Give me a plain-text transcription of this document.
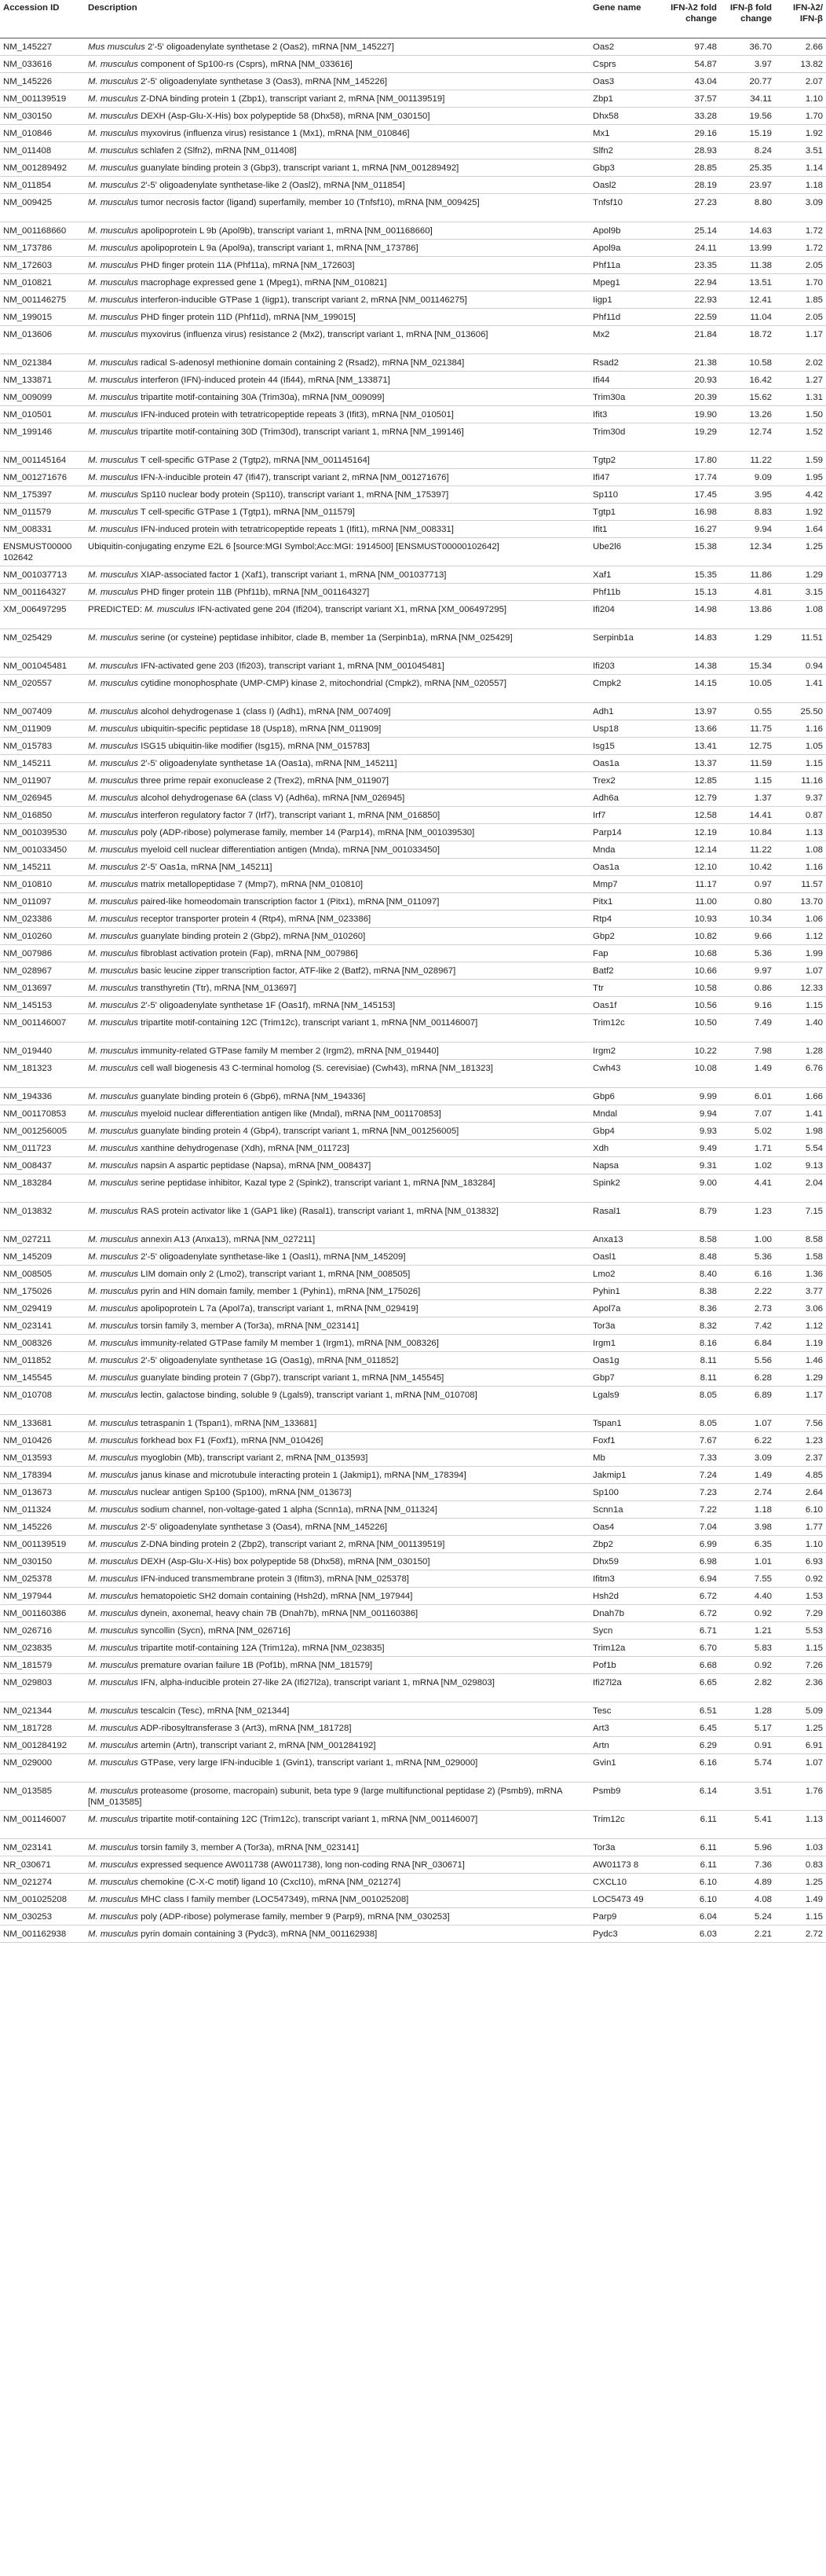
Accession ID	Description	Gene name	IFN-λ2 fold change	IFN-β fold change	IFN-λ2/ IFN-β
NM_145227	Mus musculus 2'-5' oligoadenylate synthetase 2 (Oas2), mRNA [NM_145227]	Oas2	97.48	36.70	2.66
NM_033616	M. musculus component of Sp100-rs (Csprs), mRNA [NM_033616]	Csprs	54.87	3.97	13.82
NM_145226	M. musculus 2'-5' oligoadenylate synthetase 3 (Oas3), mRNA [NM_145226]	Oas3	43.04	20.77	2.07
NM_001139519	M. musculus Z-DNA binding protein 1 (Zbp1), transcript variant 2, mRNA [NM_001139519]	Zbp1	37.57	34.11	1.10
NM_030150	M. musculus DEXH (Asp-Glu-X-His) box polypeptide 58 (Dhx58), mRNA [NM_030150]	Dhx58	33.28	19.56	1.70
NM_010846	M. musculus myxovirus (influenza virus) resistance 1 (Mx1), mRNA [NM_010846]	Mx1	29.16	15.19	1.92
NM_011408	M. musculus schlafen 2 (Slfn2), mRNA [NM_011408]	Slfn2	28.93	8.24	3.51
NM_001289492	M. musculus guanylate binding protein 3 (Gbp3), transcript variant 1, mRNA [NM_001289492]	Gbp3	28.85	25.35	1.14
NM_011854	M. musculus 2'-5' oligoadenylate synthetase-like 2 (Oasl2), mRNA [NM_011854]	Oasl2	28.19	23.97	1.18
NM_009425	M. musculus tumor necrosis factor (ligand) superfamily, member 10 (Tnfsf10), mRNA [NM_009425]	Tnfsf10	27.23	8.80	3.09
NM_001168660	M. musculus apolipoprotein L 9b (Apol9b), transcript variant 1, mRNA [NM_001168660]	Apol9b	25.14	14.63	1.72
NM_173786	M. musculus apolipoprotein L 9a (Apol9a), transcript variant 1, mRNA [NM_173786]	Apol9a	24.11	13.99	1.72
NM_172603	M. musculus PHD finger protein 11A (Phf11a), mRNA [NM_172603]	Phf11a	23.35	11.38	2.05
NM_010821	M. musculus macrophage expressed gene 1 (Mpeg1), mRNA [NM_010821]	Mpeg1	22.94	13.51	1.70
NM_001146275	M. musculus interferon-inducible GTPase 1 (Iigp1), transcript variant 2, mRNA [NM_001146275]	Iigp1	22.93	12.41	1.85
NM_199015	M. musculus PHD finger protein 11D (Phf11d), mRNA [NM_199015]	Phf11d	22.59	11.04	2.05
NM_013606	M. musculus myxovirus (influenza virus) resistance 2 (Mx2), transcript variant 1, mRNA [NM_013606]	Mx2	21.84	18.72	1.17
NM_021384	M. musculus radical S-adenosyl methionine domain containing 2 (Rsad2), mRNA [NM_021384]	Rsad2	21.38	10.58	2.02
NM_133871	M. musculus interferon (IFN)-induced protein 44 (Ifi44), mRNA [NM_133871]	Ifi44	20.93	16.42	1.27
NM_009099	M. musculus tripartite motif-containing 30A (Trim30a), mRNA [NM_009099]	Trim30a	20.39	15.62	1.31
NM_010501	M. musculus IFN-induced protein with tetratricopeptide repeats 3 (Ifit3), mRNA [NM_010501]	Ifit3	19.90	13.26	1.50
NM_199146	M. musculus tripartite motif-containing 30D (Trim30d), transcript variant 1, mRNA [NM_199146]	Trim30d	19.29	12.74	1.52
NM_001145164	M. musculus T cell-specific GTPase 2 (Tgtp2), mRNA [NM_001145164]	Tgtp2	17.80	11.22	1.59
NM_001271676	M. musculus IFN-λ-inducible protein 47 (Ifi47), transcript variant 2, mRNA [NM_001271676]	Ifi47	17.74	9.09	1.95
NM_175397	M. musculus Sp110 nuclear body protein (Sp110), transcript variant 1, mRNA [NM_175397]	Sp110	17.45	3.95	4.42
NM_011579	M. musculus T cell-specific GTPase 1 (Tgtp1), mRNA [NM_011579]	Tgtp1	16.98	8.83	1.92
NM_008331	M. musculus IFN-induced protein with tetratricopeptide repeats 1 (Ifit1), mRNA [NM_008331]	Ifit1	16.27	9.94	1.64
ENSMUST00000 102642	Ubiquitin-conjugating enzyme E2L 6 [source:MGI Symbol;Acc:MGI: 1914500] [ENSMUST00000102642]	Ube2l6	15.38	12.34	1.25
NM_001037713	M. musculus XIAP-associated factor 1 (Xaf1), transcript variant 1, mRNA [NM_001037713]	Xaf1	15.35	11.86	1.29
NM_001164327	M. musculus PHD finger protein 11B (Phf11b), mRNA [NM_001164327]	Phf11b	15.13	4.81	3.15
XM_006497295	PREDICTED: M. musculus IFN-activated gene 204 (Ifi204), transcript variant X1, mRNA [XM_006497295]	Ifi204	14.98	13.86	1.08
NM_025429	M. musculus serine (or cysteine) peptidase inhibitor, clade B, member 1a (Serpinb1a), mRNA [NM_025429]	Serpinb1a	14.83	1.29	11.51
NM_001045481	M. musculus IFN-activated gene 203 (Ifi203), transcript variant 1, mRNA [NM_001045481]	Ifi203	14.38	15.34	0.94
NM_020557	M. musculus cytidine monophosphate (UMP-CMP) kinase 2, mitochondrial (Cmpk2), mRNA [NM_020557]	Cmpk2	14.15	10.05	1.41
NM_007409	M. musculus alcohol dehydrogenase 1 (class I) (Adh1), mRNA [NM_007409]	Adh1	13.97	0.55	25.50
NM_011909	M. musculus ubiquitin-specific peptidase 18 (Usp18), mRNA [NM_011909]	Usp18	13.66	11.75	1.16
NM_015783	M. musculus ISG15 ubiquitin-like modifier (Isg15), mRNA [NM_015783]	Isg15	13.41	12.75	1.05
NM_145211	M. musculus 2'-5' oligoadenylate synthetase 1A (Oas1a), mRNA [NM_145211]	Oas1a	13.37	11.59	1.15
NM_011907	M. musculus three prime repair exonuclease 2 (Trex2), mRNA [NM_011907]	Trex2	12.85	1.15	11.16
NM_026945	M. musculus alcohol dehydrogenase 6A (class V) (Adh6a), mRNA [NM_026945]	Adh6a	12.79	1.37	9.37
NM_016850	M. musculus interferon regulatory factor 7 (Irf7), transcript variant 1, mRNA [NM_016850]	Irf7	12.58	14.41	0.87
NM_001039530	M. musculus poly (ADP-ribose) polymerase family, member 14 (Parp14), mRNA [NM_001039530]	Parp14	12.19	10.84	1.13
NM_001033450	M. musculus myeloid cell nuclear differentiation antigen (Mnda), mRNA [NM_001033450]	Mnda	12.14	11.22	1.08
NM_145211	M. musculus 2'-5' Oas1a, mRNA [NM_145211]	Oas1a	12.10	10.42	1.16
NM_010810	M. musculus matrix metallopeptidase 7 (Mmp7), mRNA [NM_010810]	Mmp7	11.17	0.97	11.57
NM_011097	M. musculus paired-like homeodomain transcription factor 1 (Pitx1), mRNA [NM_011097]	Pitx1	11.00	0.80	13.70
NM_023386	M. musculus receptor transporter protein 4 (Rtp4), mRNA [NM_023386]	Rtp4	10.93	10.34	1.06
NM_010260	M. musculus guanylate binding protein 2 (Gbp2), mRNA [NM_010260]	Gbp2	10.82	9.66	1.12
NM_007986	M. musculus fibroblast activation protein (Fap), mRNA [NM_007986]	Fap	10.68	5.36	1.99
NM_028967	M. musculus basic leucine zipper transcription factor, ATF-like 2 (Batf2), mRNA [NM_028967]	Batf2	10.66	9.97	1.07
NM_013697	M. musculus transthyretin (Ttr), mRNA [NM_013697]	Ttr	10.58	0.86	12.33
NM_145153	M. musculus 2'-5' oligoadenylate synthetase 1F (Oas1f), mRNA [NM_145153]	Oas1f	10.56	9.16	1.15
NM_001146007	M. musculus tripartite motif-containing 12C (Trim12c), transcript variant 1, mRNA [NM_001146007]	Trim12c	10.50	7.49	1.40
NM_019440	M. musculus immunity-related GTPase family M member 2 (Irgm2), mRNA [NM_019440]	Irgm2	10.22	7.98	1.28
NM_181323	M. musculus cell wall biogenesis 43 C-terminal homolog (S. cerevisiae) (Cwh43), mRNA [NM_181323]	Cwh43	10.08	1.49	6.76
NM_194336	M. musculus guanylate binding protein 6 (Gbp6), mRNA [NM_194336]	Gbp6	9.99	6.01	1.66
NM_001170853	M. musculus myeloid nuclear differentiation antigen like (Mndal), mRNA [NM_001170853]	Mndal	9.94	7.07	1.41
NM_001256005	M. musculus guanylate binding protein 4 (Gbp4), transcript variant 1, mRNA [NM_001256005]	Gbp4	9.93	5.02	1.98
NM_011723	M. musculus xanthine dehydrogenase (Xdh), mRNA [NM_011723]	Xdh	9.49	1.71	5.54
NM_008437	M. musculus napsin A aspartic peptidase (Napsa), mRNA [NM_008437]	Napsa	9.31	1.02	9.13
NM_183284	M. musculus serine peptidase inhibitor, Kazal type 2 (Spink2), transcript variant 1, mRNA [NM_183284]	Spink2	9.00	4.41	2.04
NM_013832	M. musculus RAS protein activator like 1 (GAP1 like) (Rasal1), transcript variant 1, mRNA [NM_013832]	Rasal1	8.79	1.23	7.15
NM_027211	M. musculus annexin A13 (Anxa13), mRNA [NM_027211]	Anxa13	8.58	1.00	8.58
NM_145209	M. musculus 2'-5' oligoadenylate synthetase-like 1 (Oasl1), mRNA [NM_145209]	Oasl1	8.48	5.36	1.58
NM_008505	M. musculus LIM domain only 2 (Lmo2), transcript variant 1, mRNA [NM_008505]	Lmo2	8.40	6.16	1.36
NM_175026	M. musculus pyrin and HIN domain family, member 1 (Pyhin1), mRNA [NM_175026]	Pyhin1	8.38	2.22	3.77
NM_029419	M. musculus apolipoprotein L 7a (Apol7a), transcript variant 1, mRNA [NM_029419]	Apol7a	8.36	2.73	3.06
NM_023141	M. musculus torsin family 3, member A (Tor3a), mRNA [NM_023141]	Tor3a	8.32	7.42	1.12
NM_008326	M. musculus immunity-related GTPase family M member 1 (Irgm1), mRNA [NM_008326]	Irgm1	8.16	6.84	1.19
NM_011852	M. musculus 2'-5' oligoadenylate synthetase 1G (Oas1g), mRNA [NM_011852]	Oas1g	8.11	5.56	1.46
NM_145545	M. musculus guanylate binding protein 7 (Gbp7), transcript variant 1, mRNA [NM_145545]	Gbp7	8.11	6.28	1.29
NM_010708	M. musculus lectin, galactose binding, soluble 9 (Lgals9), transcript variant 1, mRNA [NM_010708]	Lgals9	8.05	6.89	1.17
NM_133681	M. musculus tetraspanin 1 (Tspan1), mRNA [NM_133681]	Tspan1	8.05	1.07	7.56
NM_010426	M. musculus forkhead box F1 (Foxf1), mRNA [NM_010426]	Foxf1	7.67	6.22	1.23
NM_013593	M. musculus myoglobin (Mb), transcript variant 2, mRNA [NM_013593]	Mb	7.33	3.09	2.37
NM_178394	M. musculus janus kinase and microtubule interacting protein 1 (Jakmip1), mRNA [NM_178394]	Jakmip1	7.24	1.49	4.85
NM_013673	M. musculus nuclear antigen Sp100 (Sp100), mRNA [NM_013673]	Sp100	7.23	2.74	2.64
NM_011324	M. musculus sodium channel, non-voltage-gated 1 alpha (Scnn1a), mRNA [NM_011324]	Scnn1a	7.22	1.18	6.10
NM_145226	M. musculus 2'-5' oligoadenylate synthetase 3 (Oas4), mRNA [NM_145226]	Oas4	7.04	3.98	1.77
NM_001139519	M. musculus Z-DNA binding protein 2 (Zbp2), transcript variant 2, mRNA [NM_001139519]	Zbp2	6.99	6.35	1.10
NM_030150	M. musculus DEXH (Asp-Glu-X-His) box polypeptide 58 (Dhx58), mRNA [NM_030150]	Dhx59	6.98	1.01	6.93
NM_025378	M. musculus IFN-induced transmembrane protein 3 (Ifitm3), mRNA [NM_025378]	Ifitm3	6.94	7.55	0.92
NM_197944	M. musculus hematopoietic SH2 domain containing (Hsh2d), mRNA [NM_197944]	Hsh2d	6.72	4.40	1.53
NM_001160386	M. musculus dynein, axonemal, heavy chain 7B (Dnah7b), mRNA [NM_001160386]	Dnah7b	6.72	0.92	7.29
NM_026716	M. musculus syncollin (Sycn), mRNA [NM_026716]	Sycn	6.71	1.21	5.53
NM_023835	M. musculus tripartite motif-containing 12A (Trim12a), mRNA [NM_023835]	Trim12a	6.70	5.83	1.15
NM_181579	M. musculus premature ovarian failure 1B (Pof1b), mRNA [NM_181579]	Pof1b	6.68	0.92	7.26
NM_029803	M. musculus IFN, alpha-inducible protein 27-like 2A (Ifi27l2a), transcript variant 1, mRNA [NM_029803]	Ifi27l2a	6.65	2.82	2.36
NM_021344	M. musculus tescalcin (Tesc), mRNA [NM_021344]	Tesc	6.51	1.28	5.09
NM_181728	M. musculus ADP-ribosyltransferase 3 (Art3), mRNA [NM_181728]	Art3	6.45	5.17	1.25
NM_001284192	M. musculus artemin (Artn), transcript variant 2, mRNA [NM_001284192]	Artn	6.29	0.91	6.91
NM_029000	M. musculus GTPase, very large IFN-inducible 1 (Gvin1), transcript variant 1, mRNA [NM_029000]	Gvin1	6.16	5.74	1.07
NM_013585	M. musculus proteasome (prosome, macropain) subunit, beta type 9 (large multifunctional peptidase 2) (Psmb9), mRNA [NM_013585]	Psmb9	6.14	3.51	1.76
NM_001146007	M. musculus tripartite motif-containing 12C (Trim12c), transcript variant 1, mRNA [NM_001146007]	Trim12c	6.11	5.41	1.13
NM_023141	M. musculus torsin family 3, member A (Tor3a), mRNA [NM_023141]	Tor3a	6.11	5.96	1.03
NR_030671	M. musculus expressed sequence AW011738 (AW011738), long non-coding RNA [NR_030671]	AW01173 8	6.11	7.36	0.83
NM_021274	M. musculus chemokine (C-X-C motif) ligand 10 (Cxcl10), mRNA [NM_021274]	CXCL10	6.10	4.89	1.25
NM_001025208	M. musculus MHC class I family member (LOC547349), mRNA [NM_001025208]	LOC5473 49	6.10	4.08	1.49
NM_030253	M. musculus poly (ADP-ribose) polymerase family, member 9 (Parp9), mRNA [NM_030253]	Parp9	6.04	5.24	1.15
NM_001162938	M. musculus pyrin domain containing 3 (Pydc3), mRNA [NM_001162938]	Pydc3	6.03	2.21	2.72
